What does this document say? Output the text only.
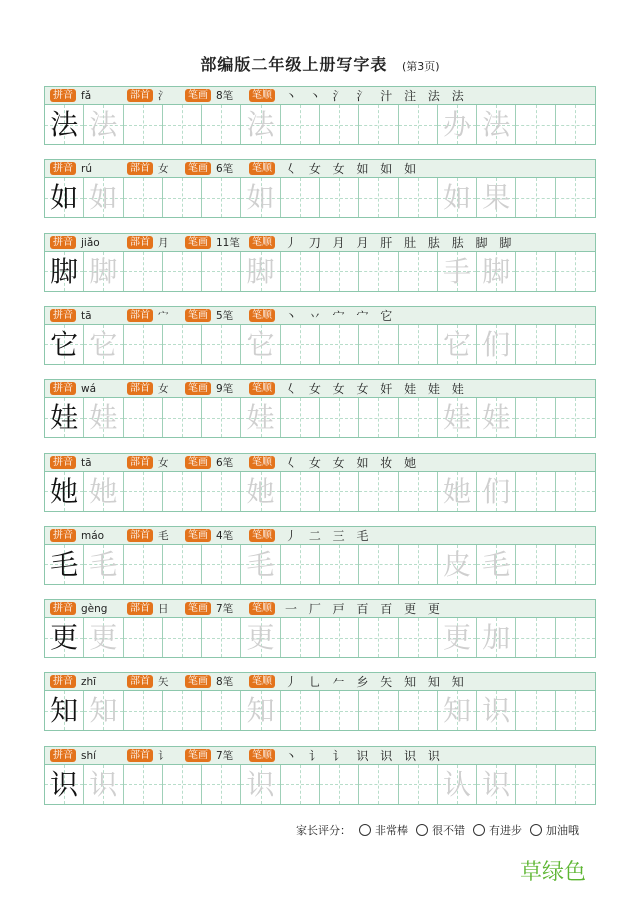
部编版二年级上册写字表 (第3页)
拼音 fǎ	部首 氵	笔画 8笔	笔顺 丶 丶 氵 氵 汁 注 法 法
法 法	法	办 法
拼音 rú	部首 女	笔画 6笔	笔顺 𡿨 女 女 如 如 如
如 如	如	如 果
拼音 jiǎo	部首 月	笔画 11笔	笔顺 丿 刀 月 月 肝 肚 胠 胠 脚 脚
脚 脚	脚	手 脚
拼音 tā	部首 宀	笔画 5笔	笔顺 丶 丷 宀 宀 它
它 它	它	它 们
拼音 wá	部首 女	笔画 9笔	笔顺 𡿨 女 女 女 奸 娃 娃 娃
娃 娃	娃	娃 娃
拼音 tā	部首 女	笔画 6笔	笔顺 𡿨 女 女 如 妆 她
她 她	她	她 们
拼音 máo	部首 毛	笔画 4笔	笔顺 丿 二 三 毛
毛 毛	毛	皮 毛
拼音 gèng	部首 日	笔画 7笔	笔顺 一 厂 戸 百 百 更 更
更 更	更	更 加
拼音 zhī	部首 矢	笔画 8笔	笔顺 丿 乚 𠂉 乡 矢 知 知 知
知 知	知	知 识
拼音 shí	部首 讠	笔画 7笔	笔顺 丶 讠 讠 识 识 识 识
识 识	识	认 识
家长评分： 非常棒 很不错 有进步 加油哦
草绿色
